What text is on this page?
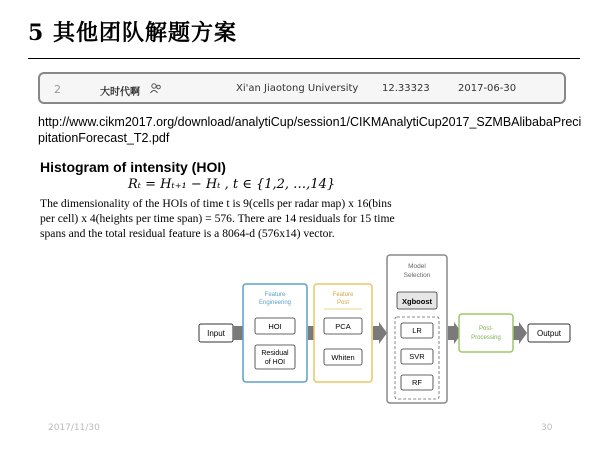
5 其他团队解题方案
2	大时代啊	Xi'an Jiaotong University 12.33323	2017-06-30
http://www.cikm2017.org/download/analytiCup/session1/CIKMAnalytiCup2017_SZMBAlibabaPrecipitationForecast_T2.pdf
Histogram of intensity (HOI)
Rₜ = Hₜ₊₁ − Hₜ , t ∈ {1,2, …,14}
The dimensionality of the HOIs of time t is 9(cells per radar map) x 16(bins per cell) x 4(heights per time span) = 576. There are 14 residuals for 15 time spans and the total residual feature is a 8064-d (576x14) vector.
Input
Feature
Engineering
HOI
Residual
of HOI
Feature
Post
PCA
Whiten
Model
Selection
Xgboost
LR
SVR
RF
Post-
Processing	Output
2017/11/30	30
